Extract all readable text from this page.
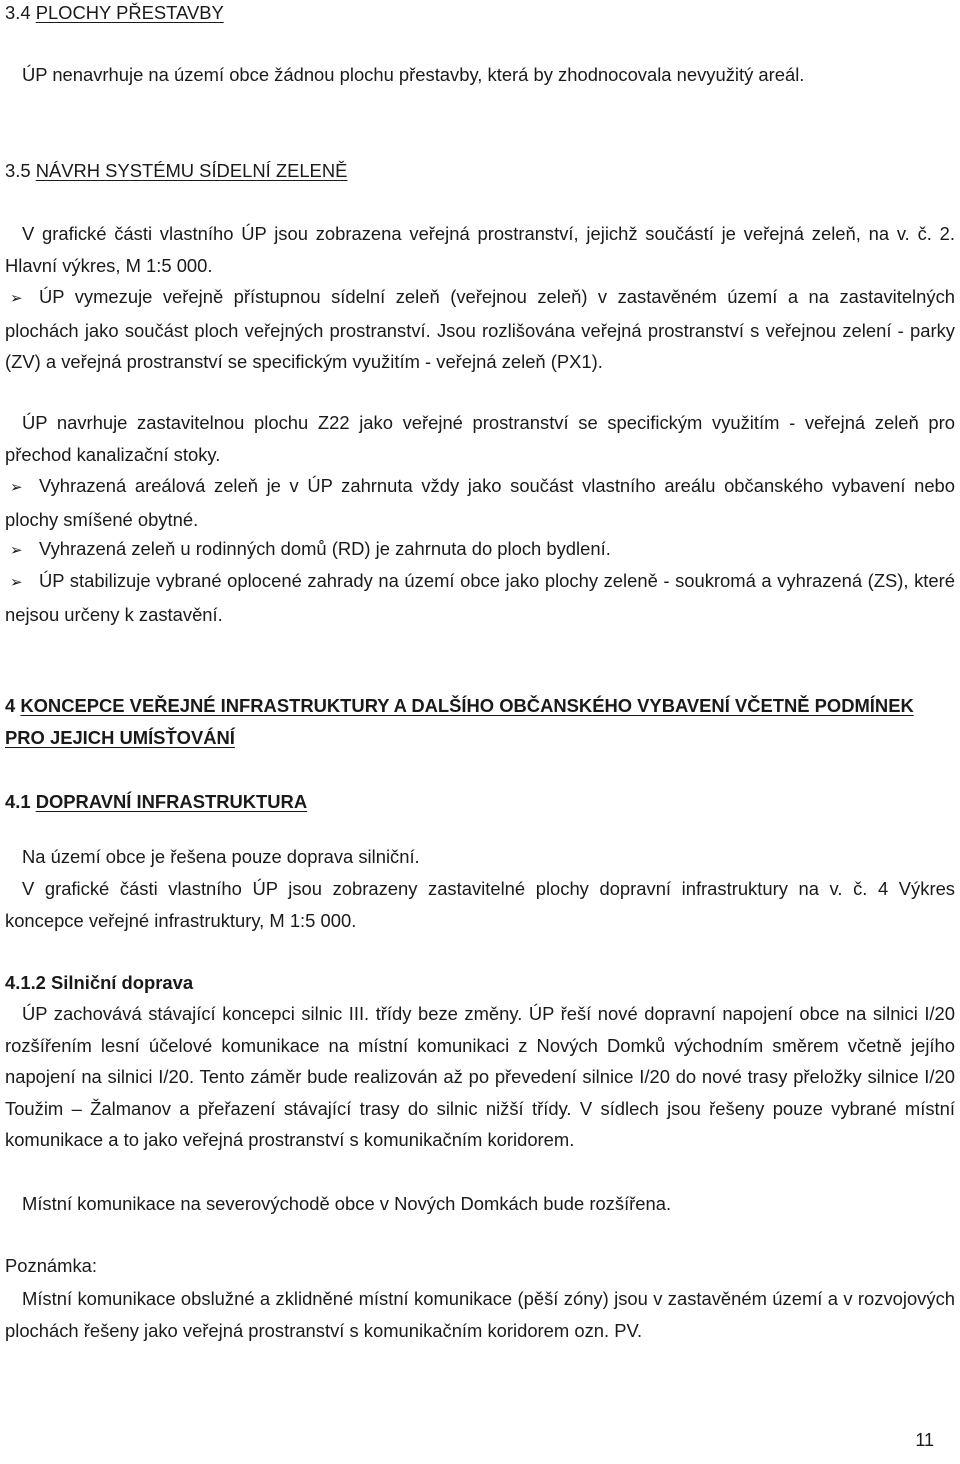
3.4 PLOCHY PŘESTAVBY

ÚP nenavrhuje na území obce žádnou plochu přestavby, která by zhodnocovala nevyužitý areál.

3.5 NÁVRH SYSTÉMU SÍDELNÍ ZELENĚ

V grafické části vlastního ÚP jsou zobrazena veřejná prostranství, jejichž součástí je veřejná zeleň, na v. č. 2. Hlavní výkres, M 1:5 000.

➢ ÚP vymezuje veřejně přístupnou sídelní zeleň (veřejnou zeleň) v zastavěném území a na zastavitelných plochách jako součást ploch veřejných prostranství. Jsou rozlišována veřejná prostranství s veřejnou zelení - parky (ZV) a veřejná prostranství se specifickým využitím - veřejná zeleň (PX1).

ÚP navrhuje zastavitelnou plochu Z22 jako veřejné prostranství se specifickým využitím - veřejná zeleň pro přechod kanalizační stoky.

➢ Vyhrazená areálová zeleň je v ÚP zahrnuta vždy jako součást vlastního areálu občanského vybavení nebo plochy smíšené obytné.

➢ Vyhrazená zeleň u rodinných domů (RD) je zahrnuta do ploch bydlení.

➢ ÚP stabilizuje vybrané oplocené zahrady na území obce jako plochy zeleně - soukromá a vyhrazená (ZS), které nejsou určeny k zastavění.

4 KONCEPCE VEŘEJNÉ INFRASTRUKTURY A DALŠÍHO OBČANSKÉHO VYBAVENÍ VČETNĚ PODMÍNEK PRO JEJICH UMÍSŤOVÁNÍ

4.1 DOPRAVNÍ INFRASTRUKTURA

Na území obce je řešena pouze doprava silniční.

V grafické části vlastního ÚP jsou zobrazeny zastavitelné plochy dopravní infrastruktury na v. č. 4 Výkres koncepce veřejné infrastruktury, M 1:5 000.

4.1.2 Silniční doprava

ÚP zachovává stávající koncepci silnic III. třídy beze změny. ÚP řeší nové dopravní napojení obce na silnici I/20 rozšířením lesní účelové komunikace na místní komunikaci z Nových Domků východním směrem včetně jejího napojení na silnici I/20. Tento záměr bude realizován až po převedení silnice I/20 do nové trasy přeložky silnice I/20 Toužim – Žalmanov a přeřazení stávající trasy do silnic nižší třídy. V sídlech jsou řešeny pouze vybrané místní komunikace a to jako veřejná prostranství s komunikačním koridorem.

Místní komunikace na severovýchodě obce v Nových Domkách bude rozšířena.

Poznámka:

Místní komunikace obslužné a zklidněné místní komunikace (pěší zóny) jsou v zastavěném území a v rozvojových plochách řešeny jako veřejná prostranství s komunikačním koridorem ozn. PV.

11
